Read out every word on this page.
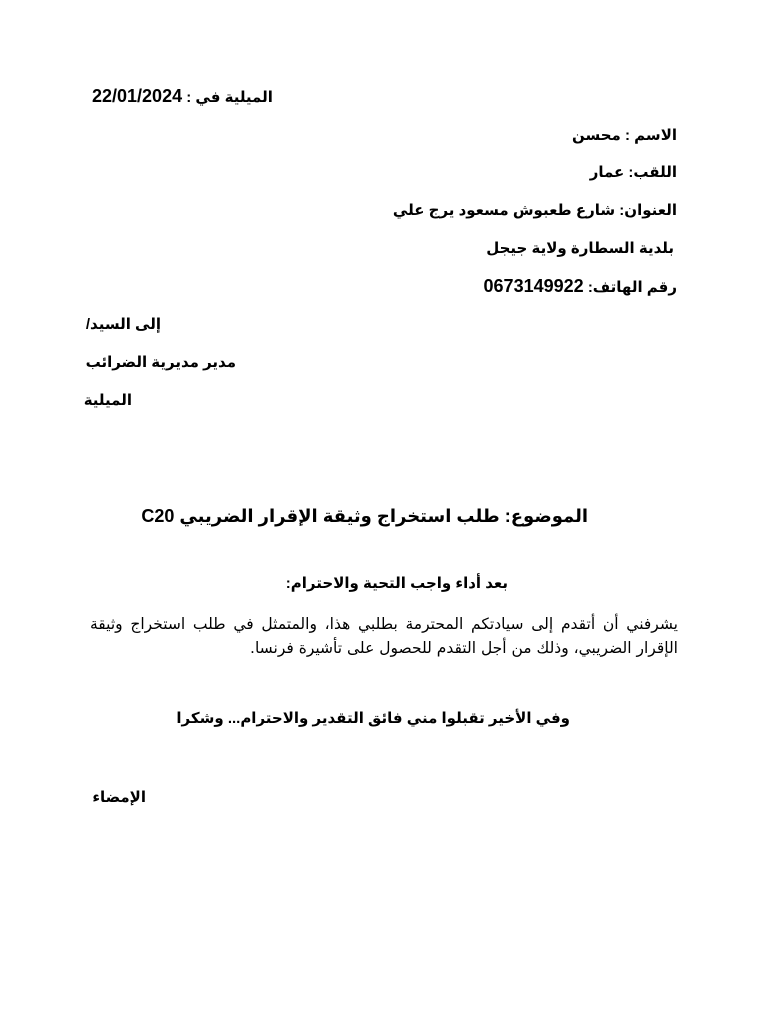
22/01/2024 الميلية في :
الاسم : محسن
اللقب: عمار
العنوان: شارع طعبوش مسعود يرج علي
بلدية السطارة ولاية جيجل
0673149922 رقم الهاتف:
إلى السيد/
مدير مديرية الضرائب
الميلية
الموضوع: طلب استخراج وثيقة الإقرار الضريبي C20
بعد أداء واجب التحية والاحترام:
يشرفني أن أتقدم إلى سيادتكم المحترمة بطلبي هذا، والمتمثل في طلب استخراج وثيقة الإقرار الضريبي، وذلك من أجل التقدم للحصول على تأشيرة فرنسا.
وفي الأخير تقبلوا مني فائق التقدير والاحترام... وشكرا
الإمضاء
